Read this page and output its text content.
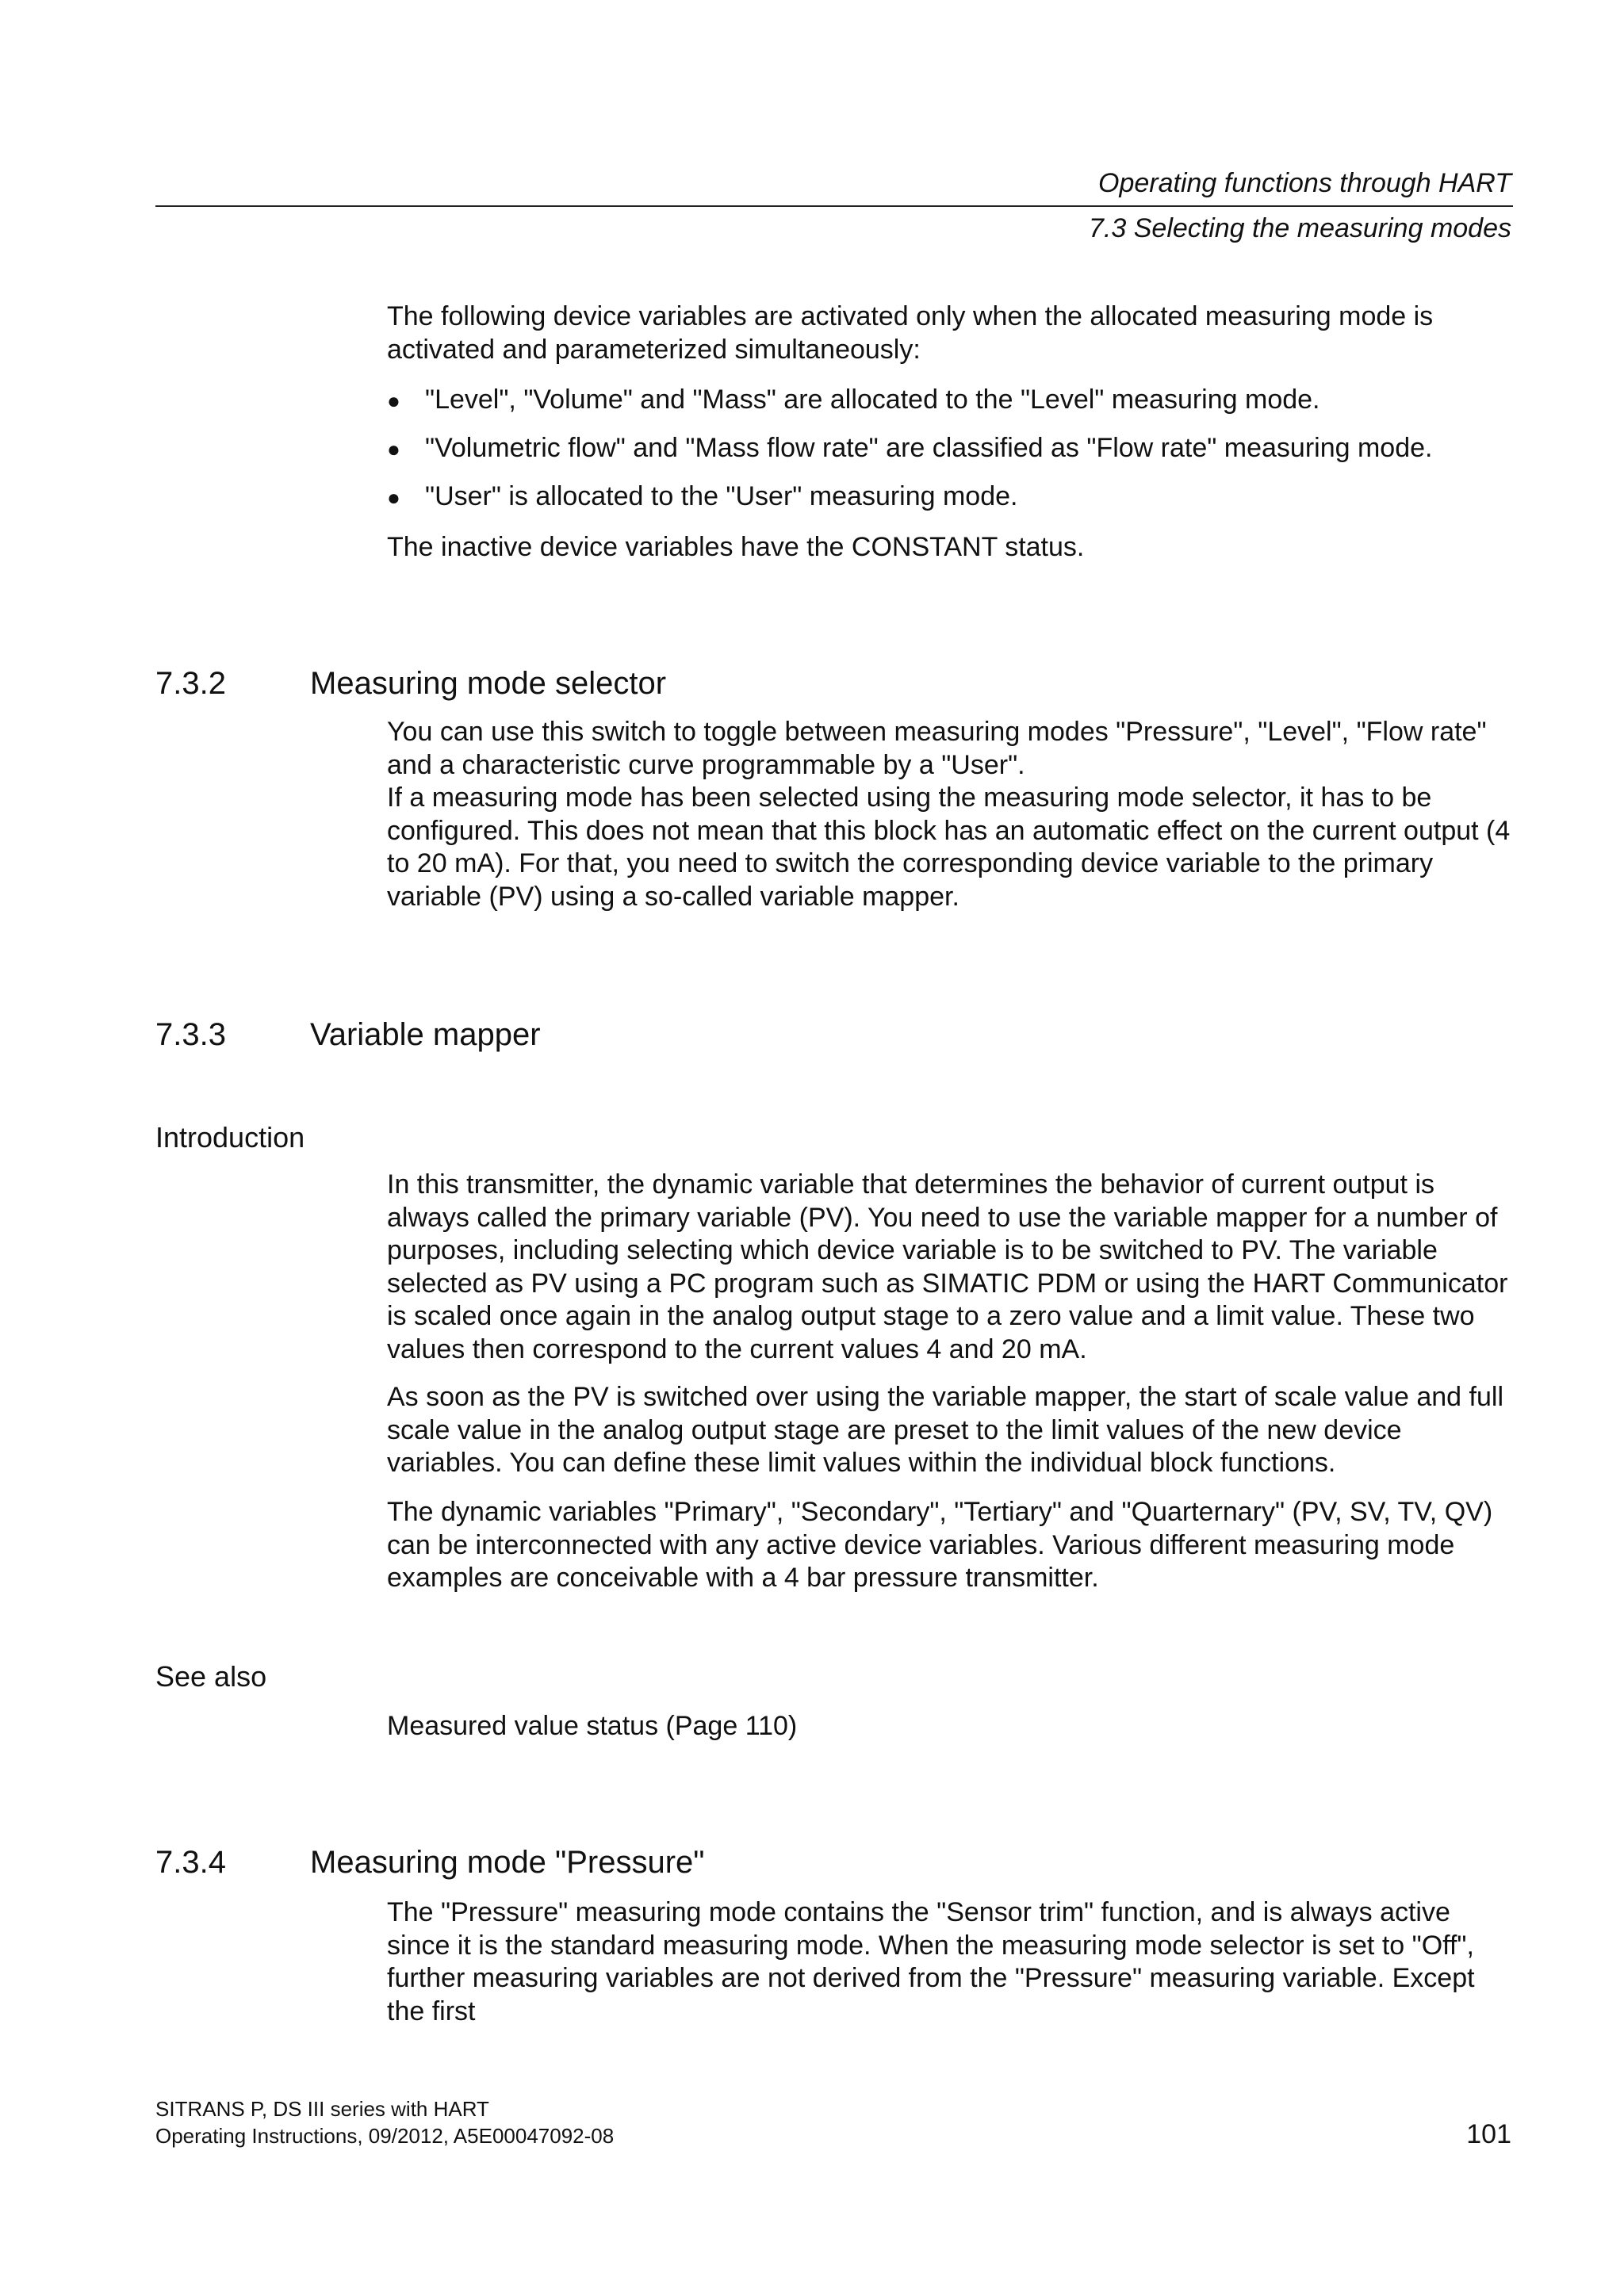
Operating functions through HART
7.3 Selecting the measuring modes

The following device variables are activated only when the allocated measuring mode is activated and parameterized simultaneously:

● "Level", "Volume" and "Mass" are allocated to the "Level" measuring mode.
● "Volumetric flow" and "Mass flow rate" are classified as "Flow rate" measuring mode.
● "User" is allocated to the "User" measuring mode.

The inactive device variables have the CONSTANT status.

7.3.2	Measuring mode selector

You can use this switch to toggle between measuring modes "Pressure", "Level", "Flow rate" and a characteristic curve programmable by a "User".

If a measuring mode has been selected using the measuring mode selector, it has to be configured. This does not mean that this block has an automatic effect on the current output (4 to 20 mA). For that, you need to switch the corresponding device variable to the primary variable (PV) using a so-called variable mapper.

7.3.3	Variable mapper
Introduction

In this transmitter, the dynamic variable that determines the behavior of current output is always called the primary variable (PV). You need to use the variable mapper for a number of purposes, including selecting which device variable is to be switched to PV. The variable selected as PV using a PC program such as SIMATIC PDM or using the HART Communicator is scaled once again in the analog output stage to a zero value and a limit value. These two values then correspond to the current values 4 and 20 mA.

As soon as the PV is switched over using the variable mapper, the start of scale value and full scale value in the analog output stage are preset to the limit values of the new device variables. You can define these limit values within the individual block functions.

The dynamic variables "Primary", "Secondary", "Tertiary" and "Quarternary" (PV, SV, TV, QV) can be interconnected with any active device variables. Various different measuring mode examples are conceivable with a 4 bar pressure transmitter.

See also
Measured value status (Page 110)
7.3.4	Measuring mode "Pressure"

The "Pressure" measuring mode contains the "Sensor trim" function, and is always active since it is the standard measuring mode. When the measuring mode selector is set to "Off", further measuring variables are not derived from the "Pressure" measuring variable. Except the first

SITRANS P, DS III series with HART
Operating Instructions, 09/2012, A5E00047092-08	101
